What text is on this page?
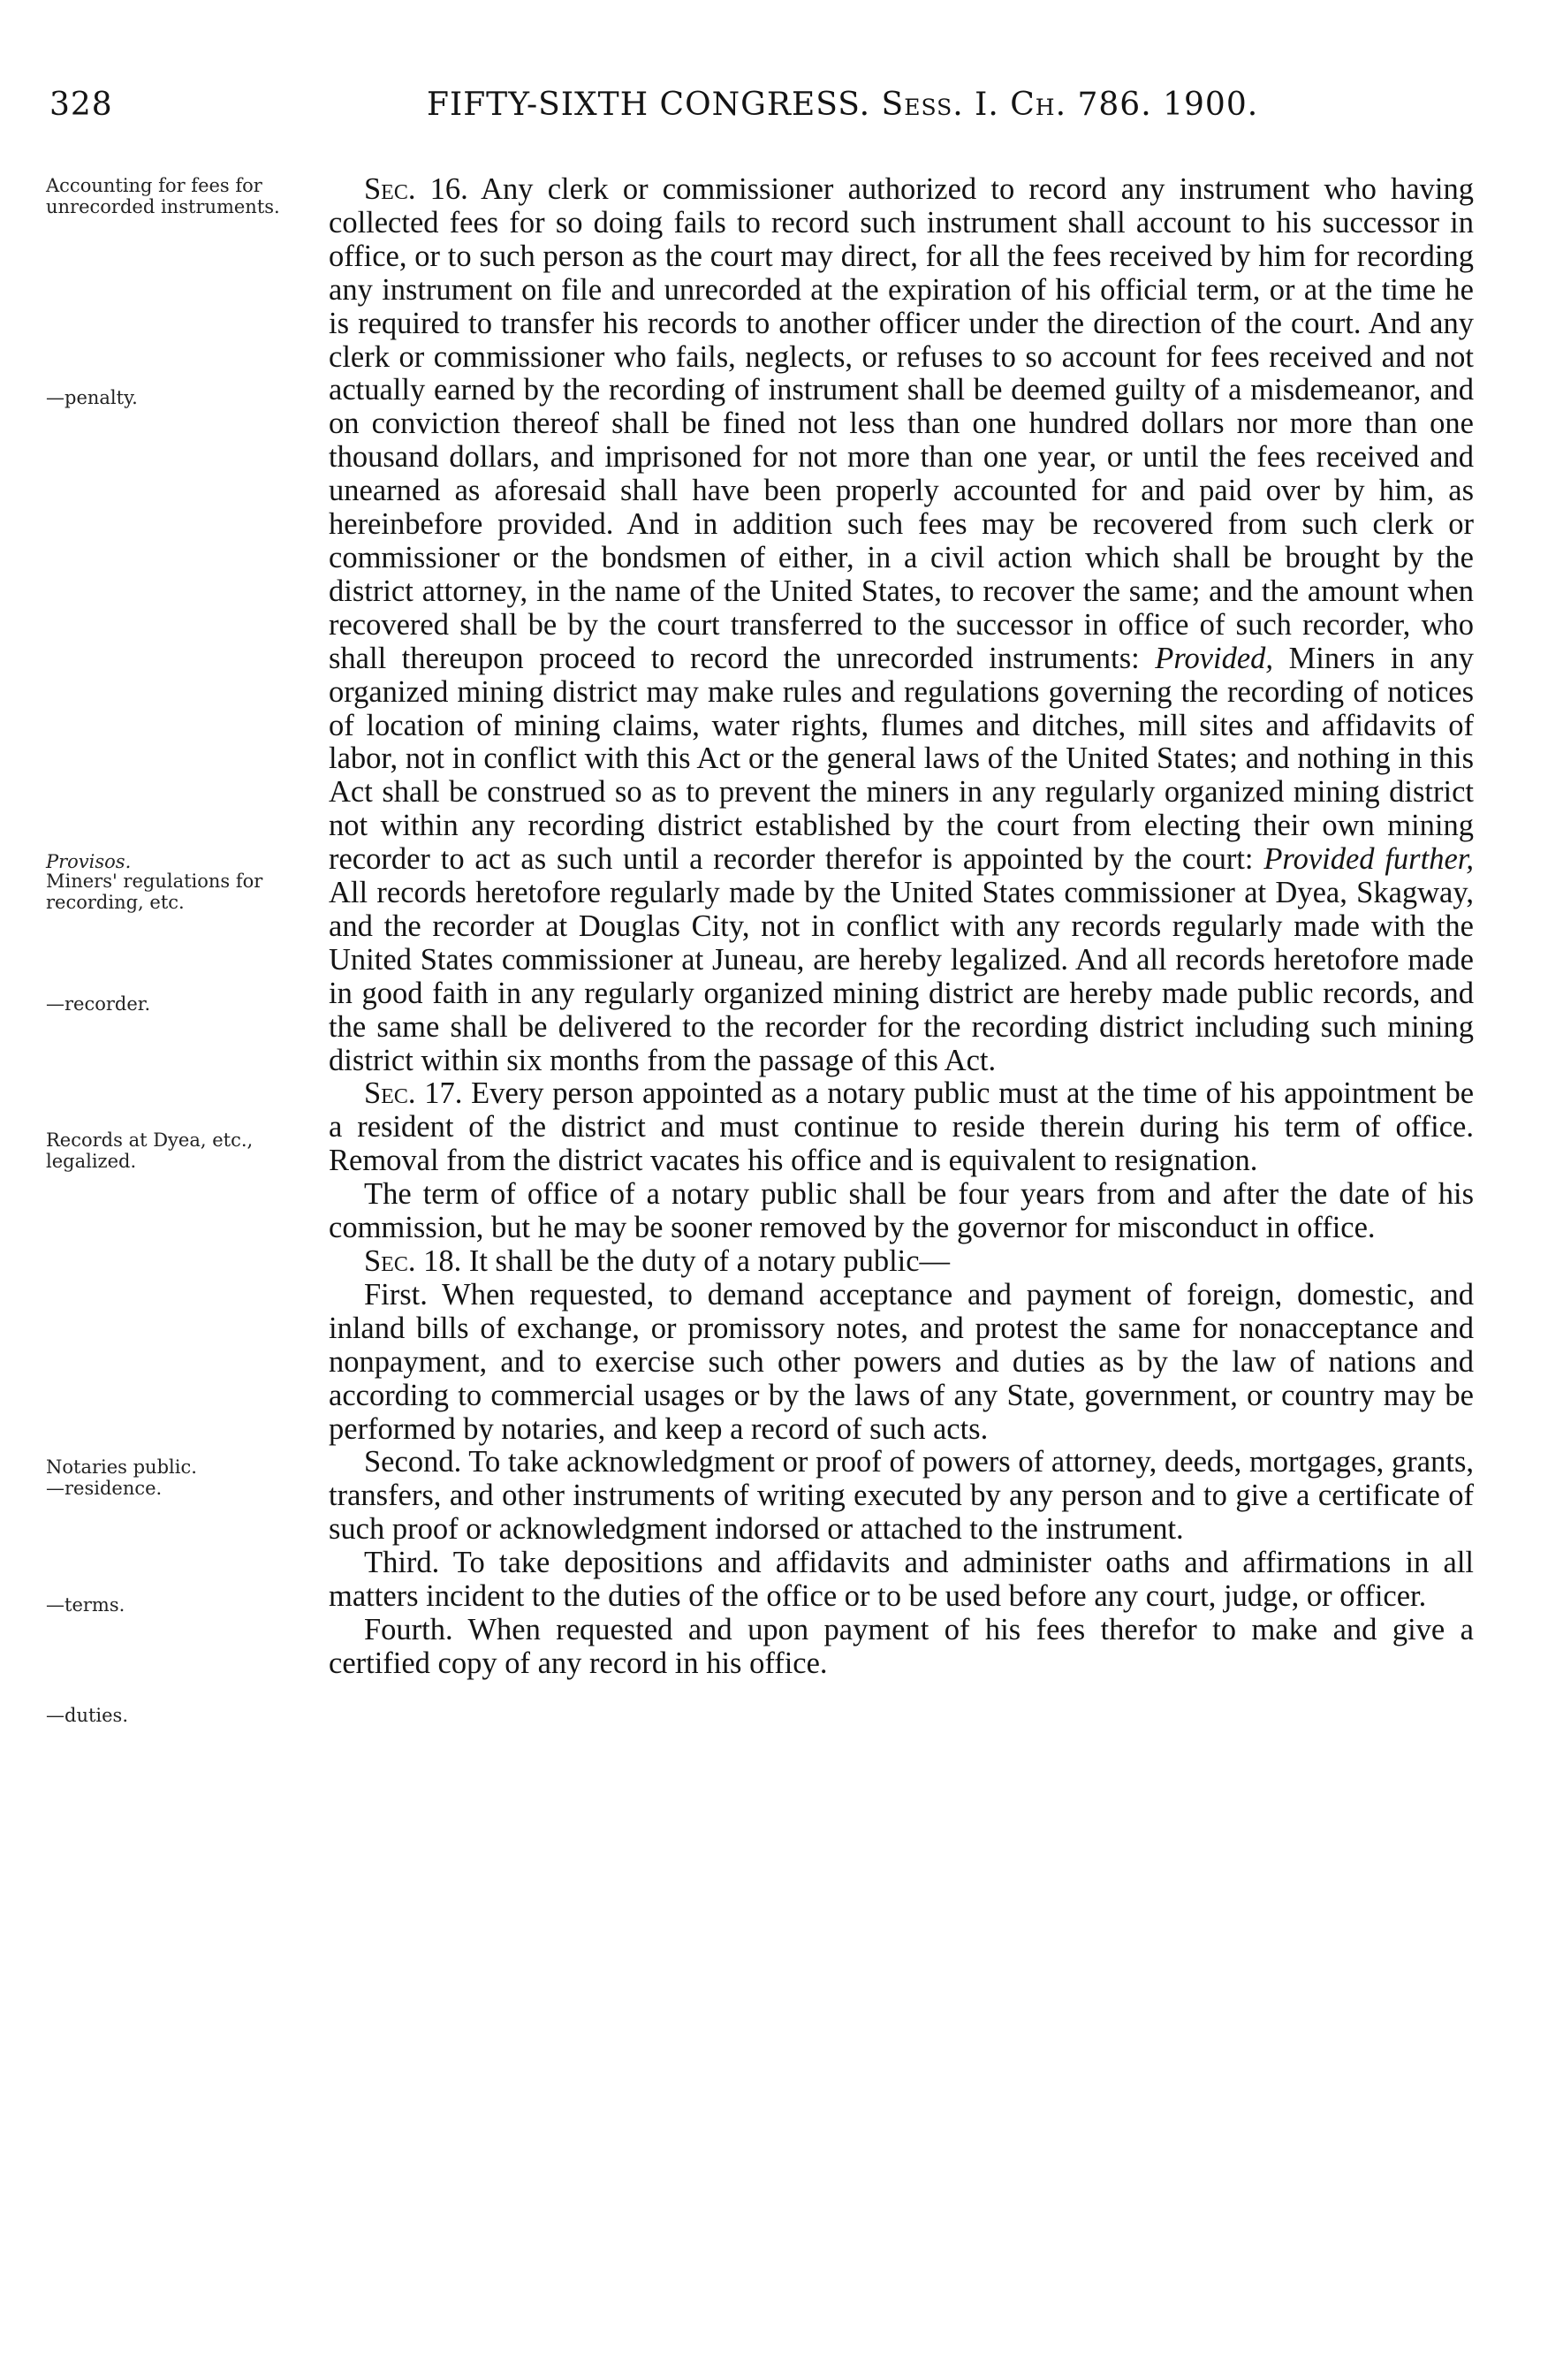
328	FIFTY-SIXTH CONGRESS. Sess. I. Ch. 786. 1900.
Accounting for fees for unrecorded instruments.
—penalty.
Provisos.
Miners' regulations for recording, etc.
—recorder.
Records at Dyea, etc., legalized.
Notaries public.
—residence.
—terms.
—duties.

Sec. 16. Any clerk or commissioner authorized to record any instrument who having collected fees for so doing fails to record such instrument shall account to his successor in office, or to such person as the court may direct, for all the fees received by him for recording any instrument on file and unrecorded at the expiration of his official term, or at the time he is required to transfer his records to another officer under the direction of the court. And any clerk or commissioner who fails, neglects, or refuses to so account for fees received and not actually earned by the recording of instrument shall be deemed guilty of a misdemeanor, and on conviction thereof shall be fined not less than one hundred dollars nor more than one thousand dollars, and imprisoned for not more than one year, or until the fees received and unearned as aforesaid shall have been properly accounted for and paid over by him, as hereinbefore provided. And in addition such fees may be recovered from such clerk or commissioner or the bondsmen of either, in a civil action which shall be brought by the district attorney, in the name of the United States, to recover the same; and the amount when recovered shall be by the court transferred to the successor in office of such recorder, who shall thereupon proceed to record the unrecorded instruments: Provided, Miners in any organized mining district may make rules and regulations governing the recording of notices of location of mining claims, water rights, flumes and ditches, mill sites and affidavits of labor, not in conflict with this Act or the general laws of the United States; and nothing in this Act shall be construed so as to prevent the miners in any regularly organized mining district not within any recording district established by the court from electing their own mining recorder to act as such until a recorder therefor is appointed by the court: Provided further, All records heretofore regularly made by the United States commissioner at Dyea, Skagway, and the recorder at Douglas City, not in conflict with any records regularly made with the United States commissioner at Juneau, are hereby legalized. And all records heretofore made in good faith in any regularly organized mining district are hereby made public records, and the same shall be delivered to the recorder for the recording district including such mining district within six months from the passage of this Act.

Sec. 17. Every person appointed as a notary public must at the time of his appointment be a resident of the district and must continue to reside therein during his term of office. Removal from the district vacates his office and is equivalent to resignation.

The term of office of a notary public shall be four years from and after the date of his commission, but he may be sooner removed by the governor for misconduct in office.

Sec. 18. It shall be the duty of a notary public—

First. When requested, to demand acceptance and payment of foreign, domestic, and inland bills of exchange, or promissory notes, and protest the same for nonacceptance and nonpayment, and to exercise such other powers and duties as by the law of nations and according to commercial usages or by the laws of any State, government, or country may be performed by notaries, and keep a record of such acts.

Second. To take acknowledgment or proof of powers of attorney, deeds, mortgages, grants, transfers, and other instruments of writing executed by any person and to give a certificate of such proof or acknowledgment indorsed or attached to the instrument.

Third. To take depositions and affidavits and administer oaths and affirmations in all matters incident to the duties of the office or to be used before any court, judge, or officer.

Fourth. When requested and upon payment of his fees therefor to make and give a certified copy of any record in his office.
